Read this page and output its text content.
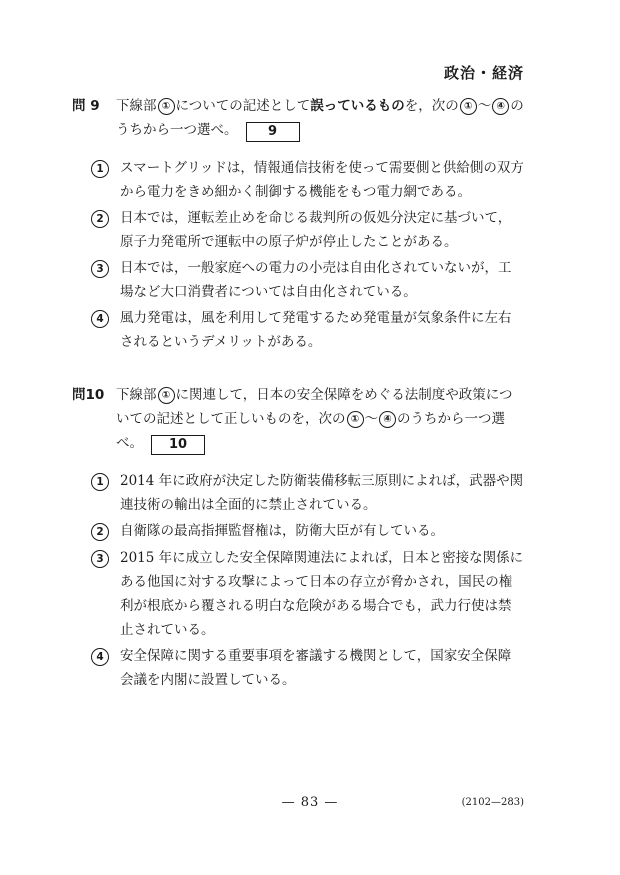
政治・経済
問 9	下線部 ① についての記述として誤っているものを，次の ① ～ ④ のうちから一つ選べ。 9
1	スマートグリッドは，情報通信技術を使って需要側と供給側の双方から電力をきめ細かく制御する機能をもつ電力網である。
2	日本では，運転差止めを命じる裁判所の仮処分決定に基づいて，原子力発電所で運転中の原子炉が停止したことがある。
3	日本では，一般家庭への電力の小売は自由化されていないが，工場など大口消費者については自由化されている。
4	風力発電は，風を利用して発電するため発電量が気象条件に左右されるというデメリットがある。
問10 下線部 ① に関連して，日本の安全保障をめぐる法制度や政策についての記述として正しいものを，次の ① ～ ④ のうちから一つ選べ。 10
1	2014 年に政府が決定した防衛装備移転三原則によれば，武器や関連技術の輸出は全面的に禁止されている。
2	自衛隊の最高指揮監督権は，防衛大臣が有している。
3	2015 年に成立した安全保障関連法によれば，日本と密接な関係にある他国に対する攻撃によって日本の存立が脅かされ，国民の権利が根底から覆される明白な危険がある場合でも，武力行使は禁止されている。
4	安全保障に関する重要事項を審議する機関として，国家安全保障会議を内閣に設置している。
— 83 —	(2102—283)
